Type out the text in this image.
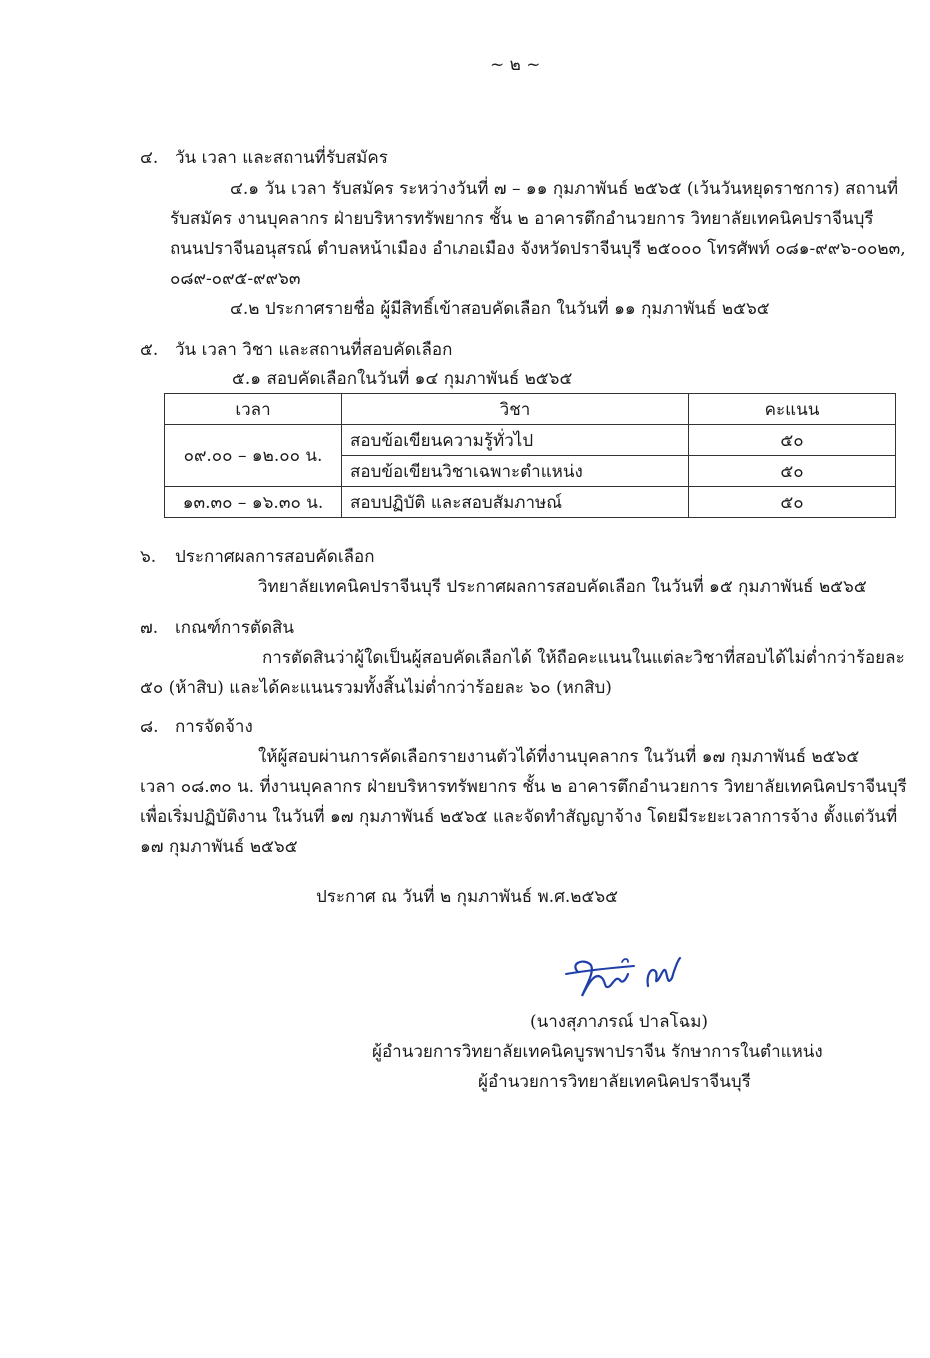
~ ๒ ~
๔. วัน เวลา และสถานที่รับสมัคร
๔.๑ วัน เวลา รับสมัคร ระหว่างวันที่ ๗ – ๑๑ กุมภาพันธ์ ๒๕๖๕ (เว้นวันหยุดราชการ) สถานที่
รับสมัคร งานบุคลากร ฝ่ายบริหารทรัพยากร ชั้น ๒ อาคารตึกอำนวยการ วิทยาลัยเทคนิคปราจีนบุรี
ถนนปราจีนอนุสรณ์ ตำบลหน้าเมือง อำเภอเมือง จังหวัดปราจีนบุรี ๒๕๐๐๐ โทรศัพท์ ๐๘๑-๙๙๖-๐๐๒๓,
๐๘๙-๐๙๕-๙๙๖๓
๔.๒ ประกาศรายชื่อ ผู้มีสิทธิ์เข้าสอบคัดเลือก ในวันที่ ๑๑ กุมภาพันธ์ ๒๕๖๕
๕. วัน เวลา วิชา และสถานที่สอบคัดเลือก
๕.๑ สอบคัดเลือกในวันที่ ๑๔ กุมภาพันธ์ ๒๕๖๕
เวลา	วิชา	คะแนน
๐๙.๐๐ – ๑๒.๐๐ น.	สอบข้อเขียนความรู้ทั่วไป	๕๐
	สอบข้อเขียนวิชาเฉพาะตำแหน่ง	๕๐
๑๓.๓๐ – ๑๖.๓๐ น.	สอบปฏิบัติ และสอบสัมภาษณ์	๕๐
๖. ประกาศผลการสอบคัดเลือก
วิทยาลัยเทคนิคปราจีนบุรี ประกาศผลการสอบคัดเลือก ในวันที่ ๑๕ กุมภาพันธ์ ๒๕๖๕
๗. เกณฑ์การตัดสิน
การตัดสินว่าผู้ใดเป็นผู้สอบคัดเลือกได้ ให้ถือคะแนนในแต่ละวิชาที่สอบได้ไม่ต่ำกว่าร้อยละ
๕๐ (ห้าสิบ) และได้คะแนนรวมทั้งสิ้นไม่ต่ำกว่าร้อยละ ๖๐ (หกสิบ)
๘. การจัดจ้าง
ให้ผู้สอบผ่านการคัดเลือกรายงานตัวได้ที่งานบุคลากร ในวันที่ ๑๗ กุมภาพันธ์ ๒๕๖๕
เวลา ๐๘.๓๐ น. ที่งานบุคลากร ฝ่ายบริหารทรัพยากร ชั้น ๒ อาคารตึกอำนวยการ วิทยาลัยเทคนิคปราจีนบุรี
เพื่อเริ่มปฏิบัติงาน ในวันที่ ๑๗ กุมภาพันธ์ ๒๕๖๕ และจัดทำสัญญาจ้าง โดยมีระยะเวลาการจ้าง ตั้งแต่วันที่
๑๗ กุมภาพันธ์ ๒๕๖๕
ประกาศ ณ วันที่ ๒ กุมภาพันธ์ พ.ศ.๒๕๖๕
(นางสุภาภรณ์ ปาลโฉม)
ผู้อำนวยการวิทยาลัยเทคนิคบูรพาปราจีน รักษาการในตำแหน่ง
ผู้อำนวยการวิทยาลัยเทคนิคปราจีนบุรี
